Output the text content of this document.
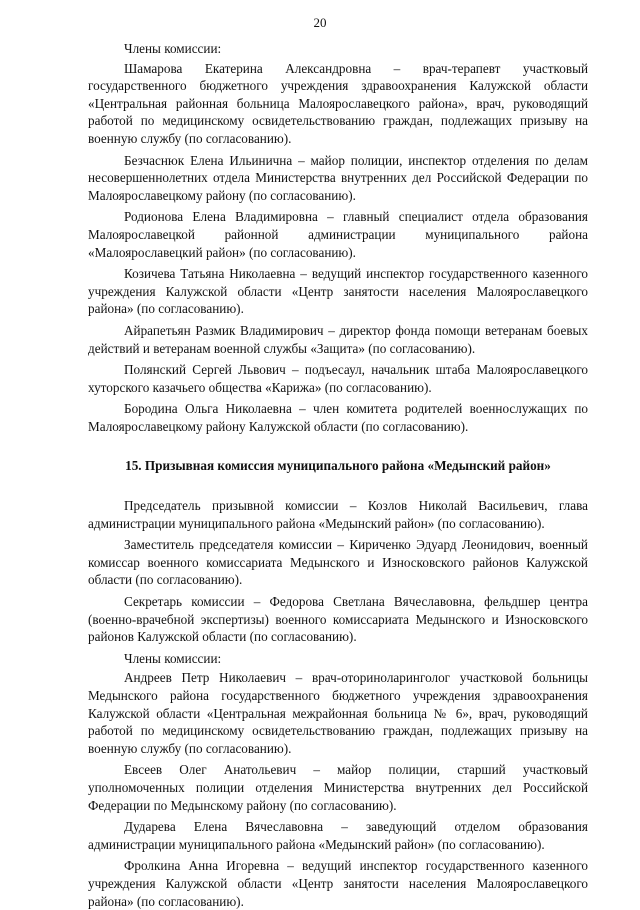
20

Члены комиссии:

Шамарова Екатерина Александровна – врач-терапевт участковый государственного бюджетного учреждения здравоохранения Калужской области «Центральная районная больница Малоярославецкого района», врач, руководящий работой по медицинскому освидетельствованию граждан, подлежащих призыву на военную службу (по согласованию).

Безчаснюк Елена Ильинична – майор полиции, инспектор отделения по делам несовершеннолетних отдела Министерства внутренних дел Российской Федерации по Малоярославецкому району (по согласованию).

Родионова Елена Владимировна – главный специалист отдела образования Малоярославецкой районной администрации муниципального района «Малоярославецкий район» (по согласованию).

Козичева Татьяна Николаевна – ведущий инспектор государственного казенного учреждения Калужской области «Центр занятости населения Малоярославецкого района» (по согласованию).

Айрапетьян Размик Владимирович – директор фонда помощи ветеранам боевых действий и ветеранам военной службы «Защита» (по согласованию).

Полянский Сергей Львович – подъесаул, начальник штаба Малоярославецкого хуторского казачьего общества «Карижа» (по согласованию).

Бородина Ольга Николаевна – член комитета родителей военнослужащих по Малоярославецкому району Калужской области (по согласованию).

15. Призывная комиссия муниципального района «Медынский район»

Председатель призывной комиссии – Козлов Николай Васильевич, глава администрации муниципального района «Медынский район» (по согласованию).

Заместитель председателя комиссии – Кириченко Эдуард Леонидович, военный комиссар военного комиссариата Медынского и Износковского районов Калужской области (по согласованию).

Секретарь комиссии – Федорова Светлана Вячеславовна, фельдшер центра (военно-врачебной экспертизы) военного комиссариата Медынского и Износковского районов Калужской области (по согласованию).

Члены комиссии:

Андреев Петр Николаевич – врач-оториноларинголог участковой больницы Медынского района государственного бюджетного учреждения здравоохранения Калужской области «Центральная межрайонная больница № 6», врач, руководящий работой по медицинскому освидетельствованию граждан, подлежащих призыву на военную службу (по согласованию).

Евсеев Олег Анатольевич – майор полиции, старший участковый уполномоченных полиции отделения Министерства внутренних дел Российской Федерации по Медынскому району (по согласованию).

Дударева Елена Вячеславовна – заведующий отделом образования администрации муниципального района «Медынский район» (по согласованию).

Фролкина Анна Игоревна – ведущий инспектор государственного казенного учреждения Калужской области «Центр занятости населения Малоярославецкого района» (по согласованию).
